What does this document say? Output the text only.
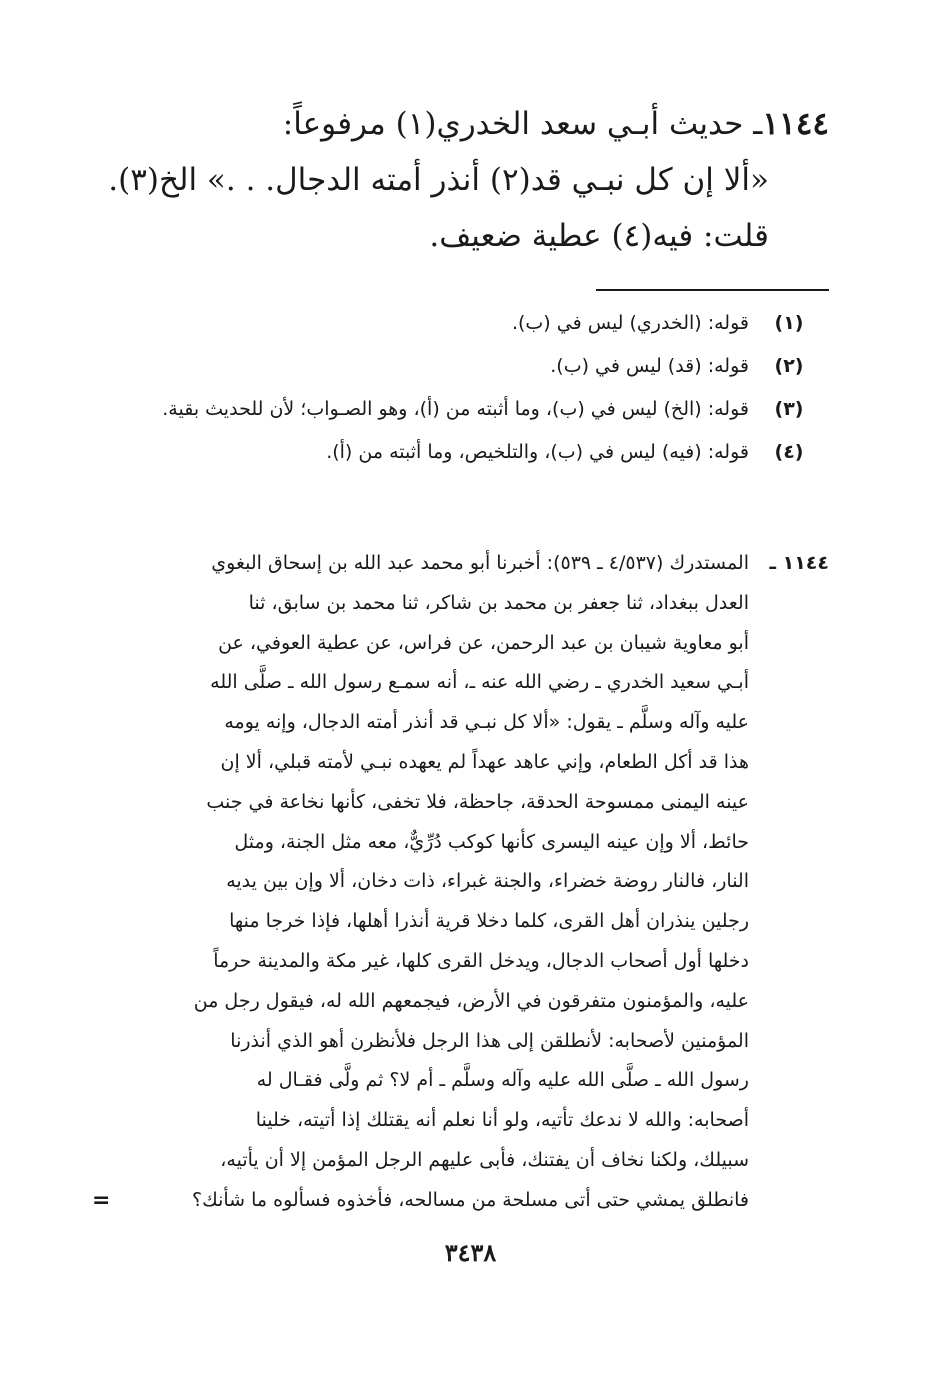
١١٤٤ـ حديث أبـي سعد الخدري(١) مرفوعاً:
«ألا إن كل نبـي قد(٢) أنذر أمته الدجال. . .» الخ(٣).
قلت: فيه(٤) عطية ضعيف.
(١)
قوله: (الخدري) ليس في (ب).
(٢)
قوله: (قد) ليس في (ب).
(٣)
قوله: (الخ) ليس في (ب)، وما أثبته من (أ)، وهو الصـواب؛ لأن للحديث بقية.
(٤)
قوله: (فيه) ليس في (ب)، والتلخيص، وما أثبته من (أ).
١١٤٤ ـ
المستدرك (٤/٥٣٧ ـ ٥٣٩): أخبرنا أبو محمد عبد الله بن إسحاق البغوي
العدل ببغداد، ثنا جعفر بن محمد بن شاكر، ثنا محمد بن سابق، ثنا
أبو معاوية شيبان بن عبد الرحمن، عن فراس، عن عطية العوفي، عن
أبـي سعيد الخدري ـ رضي الله عنه ـ، أنه سمـع رسول الله ـ صلَّى الله
عليه وآله وسلَّم ـ يقول: «ألا كل نبـي قد أنذر أمته الدجال، وإنه يومه
هذا قد أكل الطعام، وإني عاهد عهداً لم يعهده نبـي لأمته قبلي، ألا إن
عينه اليمنى ممسوحة الحدقة، جاحظة، فلا تخفى، كأنها نخاعة في جنب
حائط، ألا وإن عينه اليسرى كأنها كوكب دُرِّيٌّ، معه مثل الجنة، ومثل
النار، فالنار روضة خضراء، والجنة غبراء، ذات دخان، ألا وإن بين يديه
رجلين ينذران أهل القرى، كلما دخلا قرية أنذرا أهلها، فإذا خرجا منها
دخلها أول أصحاب الدجال، ويدخل القرى كلها، غير مكة والمدينة حرماً
عليه، والمؤمنون متفرقون في الأرض، فيجمعهم الله له، فيقول رجل من
المؤمنين لأصحابه: لأنطلقن إلى هذا الرجل فلأنظرن أهو الذي أنذرنا
رسول الله ـ صلَّى الله عليه وآله وسلَّم ـ أم لا؟ ثم ولَّى فقـال له
أصحابه: والله لا ندعك تأتيه، ولو أنا نعلم أنه يقتلك إذا أتيته، خلينا
سبيلك، ولكنا نخاف أن يفتنك، فأبى عليهم الرجل المؤمن إلا أن يأتيه،
فانطلق يمشي حتى أتى مسلحة من مسالحه، فأخذوه فسألوه ما شأنك؟
=
٣٤٣٨
